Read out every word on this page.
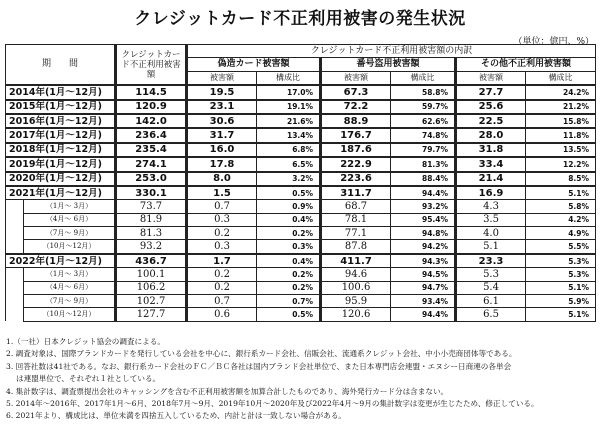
クレジットカード不正利用被害の発生状況
（単位：億円、%）
期　　間		クレジットカード不正利用被害額	クレジットカード不正利用被害額の内訳					
			偽造カード被害額		番号盗用被害額		その他不正利用被害額	
			被害額	構成比	被害額	構成比	被害額	構成比
2014年(1月～12月)		114.5	19.5	17.0%	67.3	58.8%	27.7	24.2%
2015年(1月～12月)		120.9	23.1	19.1%	72.2	59.7%	25.6	21.2%
2016年(1月～12月)		142.0	30.6	21.6%	88.9	62.6%	22.5	15.8%
2017年(1月～12月)		236.4	31.7	13.4%	176.7	74.8%	28.0	11.8%
2018年(1月～12月)		235.4	16.0	6.8%	187.6	79.7%	31.8	13.5%
2019年(1月～12月)		274.1	17.8	6.5%	222.9	81.3%	33.4	12.2%
2020年(1月～12月)		253.0	8.0	3.2%	223.6	88.4%	21.4	8.5%
2021年(1月～12月)		330.1	1.5	0.5%	311.7	94.4%	16.9	5.1%
	（1月～ 3月）	73.7	0.7	0.9%	68.7	93.2%	4.3	5.8%
	（4月～ 6月）	81.9	0.3	0.4%	78.1	95.4%	3.5	4.2%
	（7月～ 9月）	81.3	0.2	0.2%	77.1	94.8%	4.0	4.9%
	（10月～12月）	93.2	0.3	0.3%	87.8	94.2%	5.1	5.5%
2022年(1月～12月)		436.7	1.7	0.4%	411.7	94.3%	23.3	5.3%
	（1月～ 3月）	100.1	0.2	0.2%	94.6	94.5%	5.3	5.3%
	（4月～ 6月）	106.2	0.2	0.2%	100.6	94.7%	5.4	5.1%
	（7月～ 9月）	102.7	0.7	0.7%	95.9	93.4%	6.1	5.9%
	（10月～12月）	127.7	0.6	0.5%	120.6	94.4%	6.5	5.1%
1.（一社）日本クレジット協会の調査による。
2. 調査対象は、国際ブランドカードを発行している会社を中心に、銀行系カード会社、信販会社、流通系クレジット会社、中小小売商団体等である。
3. 回答社数は41社である。なお、銀行系カード会社のＦＣ／ＢＣ各社は国内ブランド会社単位で、また日本専門店会連盟・エヌシー日商連の各単会
は連盟単位で、それぞれ１社としている。
4. 集計数字は、調査票提出会社のキャッシングを含む不正利用被害額を加算合計したものであり、海外発行カード分は含まない。
5. 2014年～2016年、2017年1月～6月、2018年7月～9月、2019年10月～2020年及び2022年4月～9月の集計数字は変更が生じたため、修正している。
6. 2021年より、構成比は、単位未満を四捨五入しているため、内計と計は一致しない場合がある。
